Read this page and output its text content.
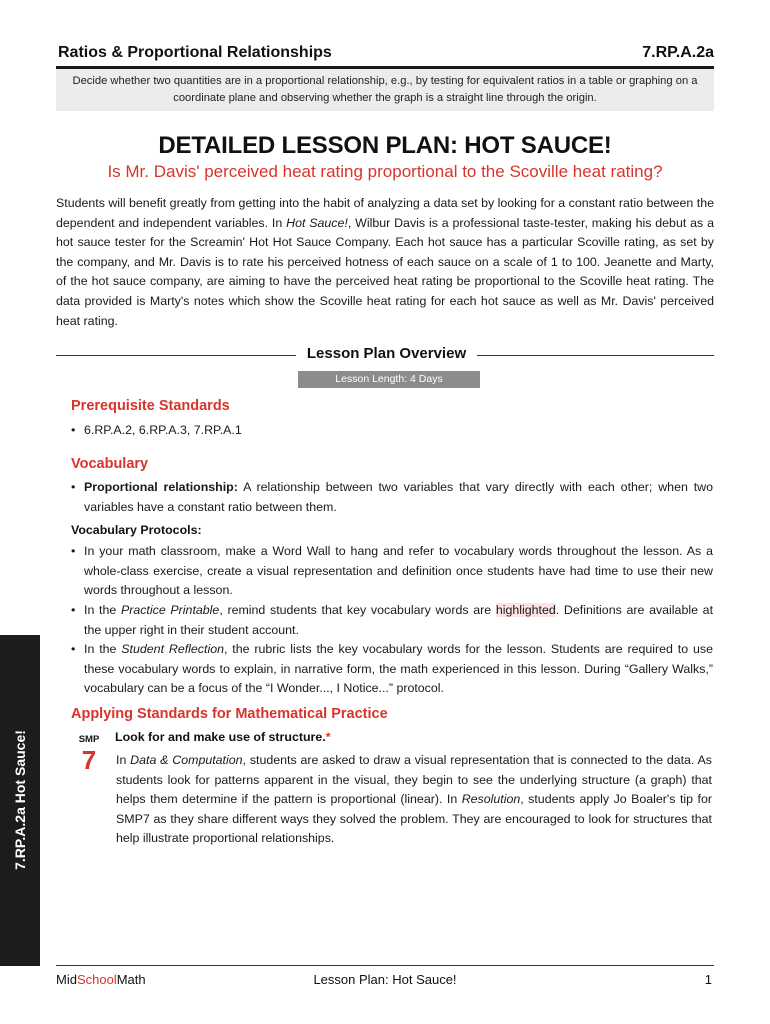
Ratios & Proportional Relationships	7.RP.A.2a
Decide whether two quantities are in a proportional relationship, e.g., by testing for equivalent ratios in a table or graphing on a coordinate plane and observing whether the graph is a straight line through the origin.
DETAILED LESSON PLAN: HOT SAUCE!
Is Mr. Davis' perceived heat rating proportional to the Scoville heat rating?
Students will benefit greatly from getting into the habit of analyzing a data set by looking for a constant ratio between the dependent and independent variables. In Hot Sauce!, Wilbur Davis is a professional taste-tester, making his debut as a hot sauce tester for the Screamin' Hot Hot Sauce Company. Each hot sauce has a particular Scoville rating, as set by the company, and Mr. Davis is to rate his perceived hotness of each sauce on a scale of 1 to 100. Jeanette and Marty, of the hot sauce company, are aiming to have the perceived heat rating be proportional to the Scoville heat rating. The data provided is Marty's notes which show the Scoville heat rating for each hot sauce as well as Mr. Davis' perceived heat rating.
Lesson Plan Overview
Lesson Length: 4 Days
Prerequisite Standards
• 6.RP.A.2, 6.RP.A.3, 7.RP.A.1
Vocabulary
• Proportional relationship: A relationship between two variables that vary directly with each other; when two variables have a constant ratio between them.
Vocabulary Protocols:
• In your math classroom, make a Word Wall to hang and refer to vocabulary words throughout the lesson. As a whole-class exercise, create a visual representation and definition once students have had time to use their new words throughout a lesson.
• In the Practice Printable, remind students that key vocabulary words are highlighted. Definitions are available at the upper right in their student account.
• In the Student Reflection, the rubric lists the key vocabulary words for the lesson. Students are required to use these vocabulary words to explain, in narrative form, the math experienced in this lesson. During “Gallery Walks,” vocabulary can be a focus of the “I Wonder..., I Notice...” protocol.
Applying Standards for Mathematical Practice
SMP
7
Look for and make use of structure.*
In Data & Computation, students are asked to draw a visual representation that is connected to the data. As students look for patterns apparent in the visual, they begin to see the underlying structure (a graph) that helps them determine if the pattern is proportional (linear). In Resolution, students apply Jo Boaler's tip for SMP7 as they share different ways they solved the problem. They are encouraged to look for structures that help illustrate proportional relationships.
7.RP.A.2a Hot Sauce!
MidSchoolMath	Lesson Plan: Hot Sauce!	1
